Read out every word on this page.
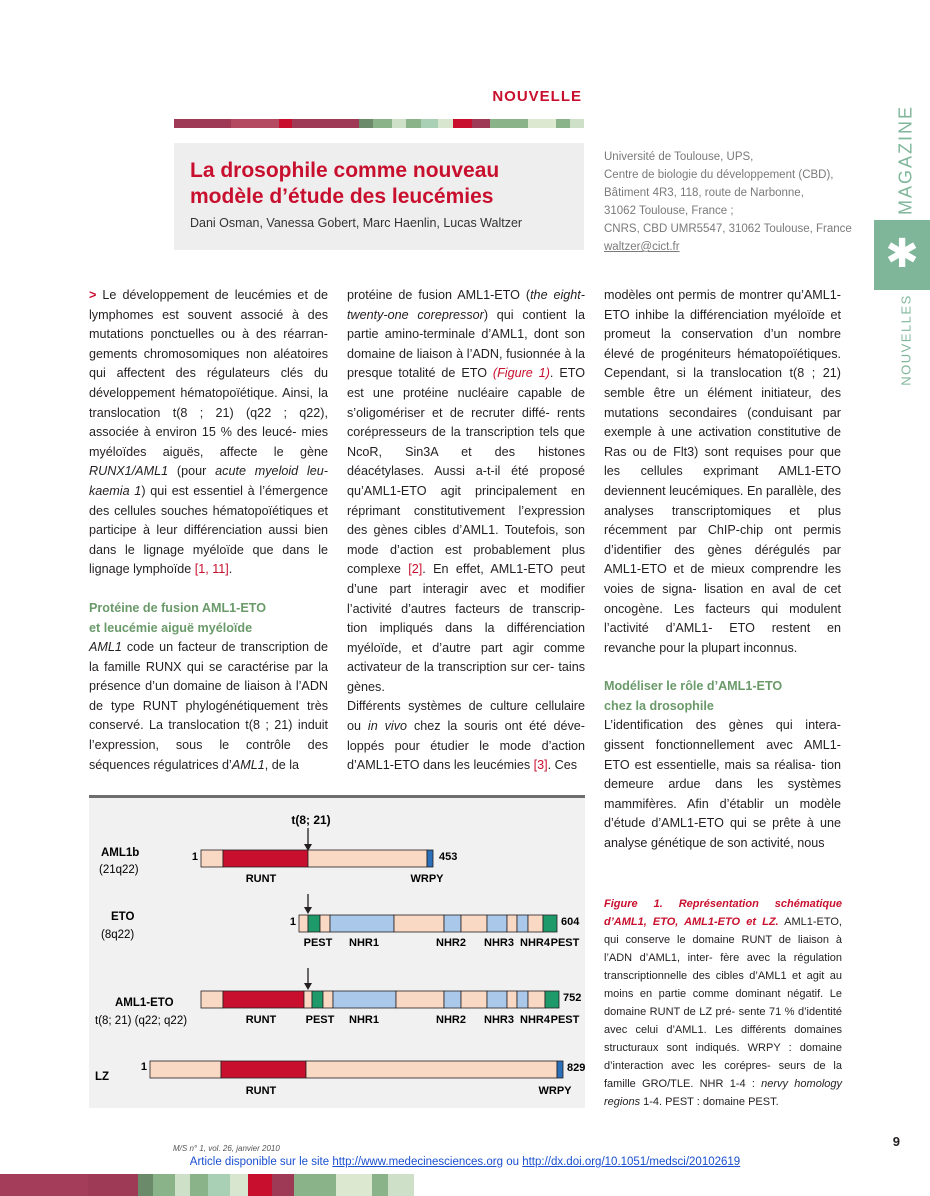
NOUVELLE
La drosophile comme nouveau
modèle d’étude des leucémies
Dani Osman, Vanessa Gobert, Marc Haenlin, Lucas Waltzer
Université de Toulouse, UPS,
Centre de biologie du développement (CBD),
Bâtiment 4R3, 118, route de Narbonne,
31062 Toulouse, France ;
CNRS, CBD UMR5547, 31062 Toulouse, France
waltzer@cict.fr
MAGAZINE
✱
NOUVELLES

> Le développement de leucémies et de lymphomes est souvent associé à des mutations ponctuelles ou à des réarran- gements chromosomiques non aléatoires qui affectent des régulateurs clés du développement hématopoïétique. Ainsi, la translocation t(8 ; 21) (q22 ; q22), associée à environ 15 % des leucé- mies myéloïdes aiguës, affecte le gène RUNX1/AML1 (pour acute myeloid leu- kaemia 1) qui est essentiel à l’émergence des cellules souches hématopoïétiques et participe à leur différenciation aussi bien dans le lignage myéloïde que dans le lignage lymphoïde [1, 11].

Protéine de fusion AML1-ETO
et leucémie aiguë myéloïde

AML1 code un facteur de transcription de la famille RUNX qui se caractérise par la présence d’un domaine de liaison à l’ADN de type RUNT phylogénétiquement très conservé. La translocation t(8 ; 21) induit l’expression, sous le contrôle des séquences régulatrices d’AML1, de la

protéine de fusion AML1-ETO (the eight- twenty-one corepressor) qui contient la partie amino-terminale d’AML1, dont son domaine de liaison à l’ADN, fusionnée à la presque totalité de ETO (Figure 1). ETO est une protéine nucléaire capable de s’oligomériser et de recruter diffé- rents corépresseurs de la transcription tels que NcoR, Sin3A et des histones déacétylases. Aussi a-t-il été proposé qu’AML1-ETO agit principalement en réprimant constitutivement l’expression des gènes cibles d’AML1. Toutefois, son mode d’action est probablement plus complexe [2]. En effet, AML1-ETO peut d’une part interagir avec et modifier l’activité d’autres facteurs de transcrip- tion impliqués dans la différenciation myéloïde, et d’autre part agir comme activateur de la transcription sur cer- tains gènes.

Différents systèmes de culture cellulaire ou in vivo chez la souris ont été déve- loppés pour étudier le mode d’action d’AML1-ETO dans les leucémies [3]. Ces

modèles ont permis de montrer qu’AML1- ETO inhibe la différenciation myéloïde et promeut la conservation d’un nombre élevé de progéniteurs hématopoïétiques. Cependant, si la translocation t(8 ; 21) semble être un élément initiateur, des mutations secondaires (conduisant par exemple à une activation constitutive de Ras ou de Flt3) sont requises pour que les cellules exprimant AML1-ETO deviennent leucémiques. En parallèle, des analyses transcriptomiques et plus récemment par ChIP-chip ont permis d’identifier des gènes dérégulés par AML1-ETO et de mieux comprendre les voies de signa- lisation en aval de cet oncogène. Les facteurs qui modulent l’activité d’AML1- ETO restent en revanche pour la plupart inconnus.

Modéliser le rôle d’AML1-ETO
chez la drosophile

L’identification des gènes qui intera- gissent fonctionnellement avec AML1- ETO est essentielle, mais sa réalisa- tion demeure ardue dans les systèmes mammifères. Afin d’établir un modèle d’étude d’AML1-ETO qui se prête à une analyse génétique de son activité, nous

t(8; 21)
AML1b
(21q22)
1	453
RUNT	WRPY
ETO
(8q22)
1	604
PEST NHR1	NHR2 NHR3 NHR4 PEST
AML1-ETO
t(8; 21) (q22; q22)
752
RUNT	PEST NHR1	NHR2 NHR3 NHR4 PEST
LZ
1	829
RUNT	WRPY
Figure 1. Représentation schématique d’AML1, ETO, AML1-ETO et LZ. AML1-ETO, qui conserve le domaine RUNT de liaison à l’ADN d’AML1, inter- fère avec la régulation transcriptionnelle des cibles d’AML1 et agit au moins en partie comme dominant négatif. Le domaine RUNT de LZ pré- sente 71 % d’identité avec celui d’AML1. Les différents domaines structuraux sont indiqués. WRPY : domaine d’interaction avec les corépres- seurs de la famille GRO/TLE. NHR 1-4 : nervy homology regions 1-4. PEST : domaine PEST.
9
M/S n° 1, vol. 26, janvier 2010
Article disponible sur le site http://www.medecinesciences.org ou http://dx.doi.org/10.1051/medsci/20102619
